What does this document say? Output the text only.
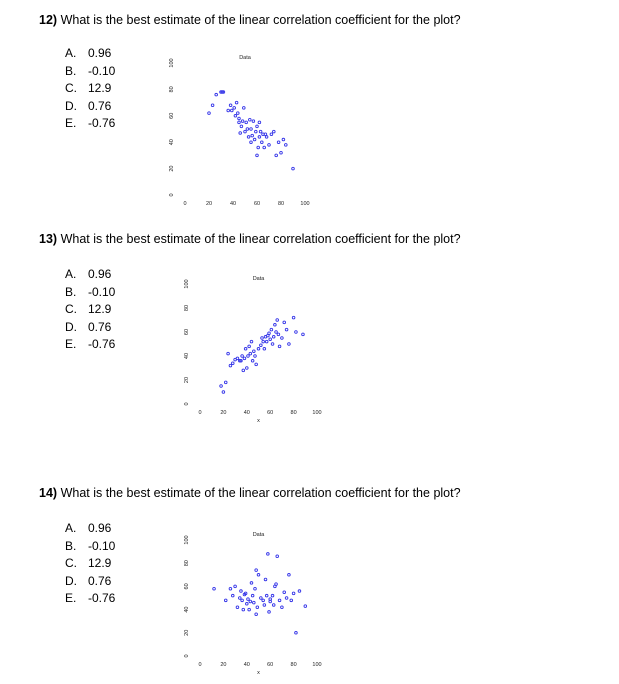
12) What is the best estimate of the linear correlation coefficient for the plot?
A. 0.96
B. -0.10
C. 12.9
D. 0.76
E. -0.76
Data
0	20	40	60	80	100
0
20
40
60
80
100
13) What is the best estimate of the linear correlation coefficient for the plot?
A. 0.96
B. -0.10
C. 12.9
D. 0.76
E. -0.76
Data
0	20	40	60	80	100
0
20
40
60
80
100
x
14) What is the best estimate of the linear correlation coefficient for the plot?
A. 0.96
B. -0.10
C. 12.9
D. 0.76
E. -0.76
Data
0	20	40	60	80	100
0
20
40
60
80
100
x
